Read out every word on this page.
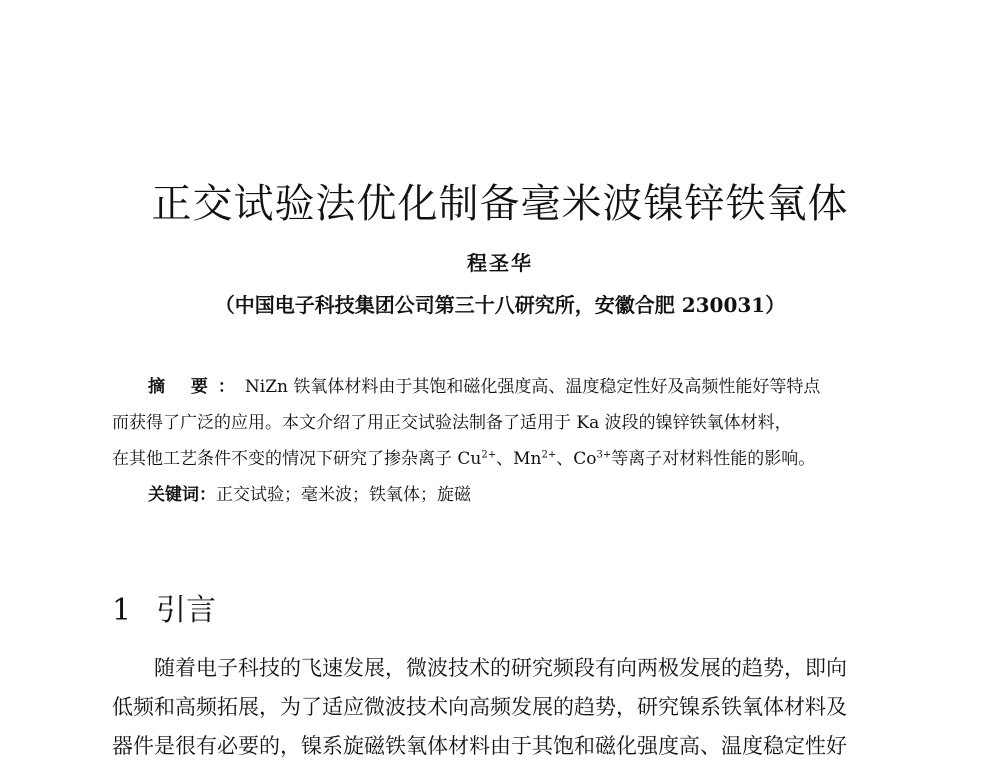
正交试验法优化制备毫米波镍锌铁氧体
程圣华
（中国电子科技集团公司第三十八研究所，安徽合肥 230031）

摘 要：NiZn 铁氧体材料由于其饱和磁化强度高、温度稳定性好及高频性能好等特点

而获得了广泛的应用。本文介绍了用正交试验法制备了适用于 Ka 波段的镍锌铁氧体材料，

在其他工艺条件不变的情况下研究了掺杂离子 $Cu^{2+}$、$Mn^{2+}$、$Co^{3+}$等离子对材料性能的影响。

关键词：正交试验；毫米波；铁氧体；旋磁

1 引言
随着电子科技的飞速发展，微波技术的研究频段有向两极发展的趋势，即向
低频和高频拓展，为了适应微波技术向高频发展的趋势，研究镍系铁氧体材料及
器件是很有必要的，镍系旋磁铁氧体材料由于其饱和磁化强度高、温度稳定性好
